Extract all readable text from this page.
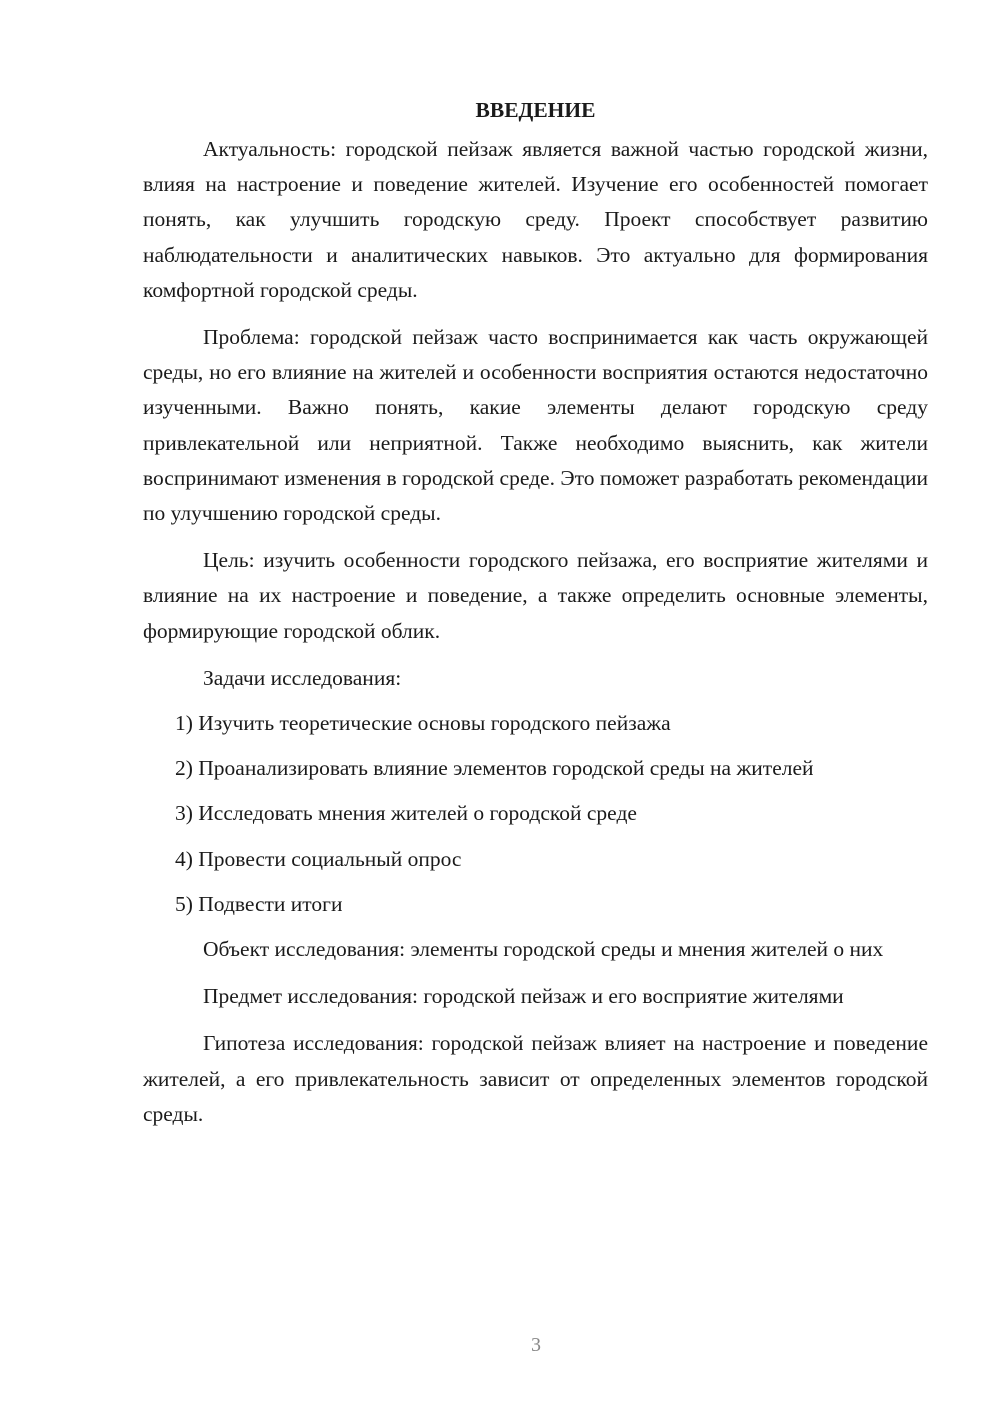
ВВЕДЕНИЕ

Актуальность: городской пейзаж является важной частью городской жизни, влияя на настроение и поведение жителей. Изучение его особенностей помогает понять, как улучшить городскую среду. Проект способствует развитию наблюдательности и аналитических навыков. Это актуально для формирования комфортной городской среды.

Проблема: городской пейзаж часто воспринимается как часть окружающей среды, но его влияние на жителей и особенности восприятия остаются недостаточно изученными. Важно понять, какие элементы делают городскую среду привлекательной или неприятной. Также необходимо выяснить, как жители воспринимают изменения в городской среде. Это поможет разработать рекомендации по улучшению городской среды.

Цель: изучить особенности городского пейзажа, его восприятие жителями и влияние на их настроение и поведение, а также определить основные элементы, формирующие городской облик.

Задачи исследования:

1) Изучить теоретические основы городского пейзажа
2) Проанализировать влияние элементов городской среды на жителей
3) Исследовать мнения жителей о городской среде
4) Провести социальный опрос
5) Подвести итоги

Объект исследования: элементы городской среды и мнения жителей о них

Предмет исследования: городской пейзаж и его восприятие жителями

Гипотеза исследования: городской пейзаж влияет на настроение и поведение жителей, а его привлекательность зависит от определенных элементов городской среды.

3
